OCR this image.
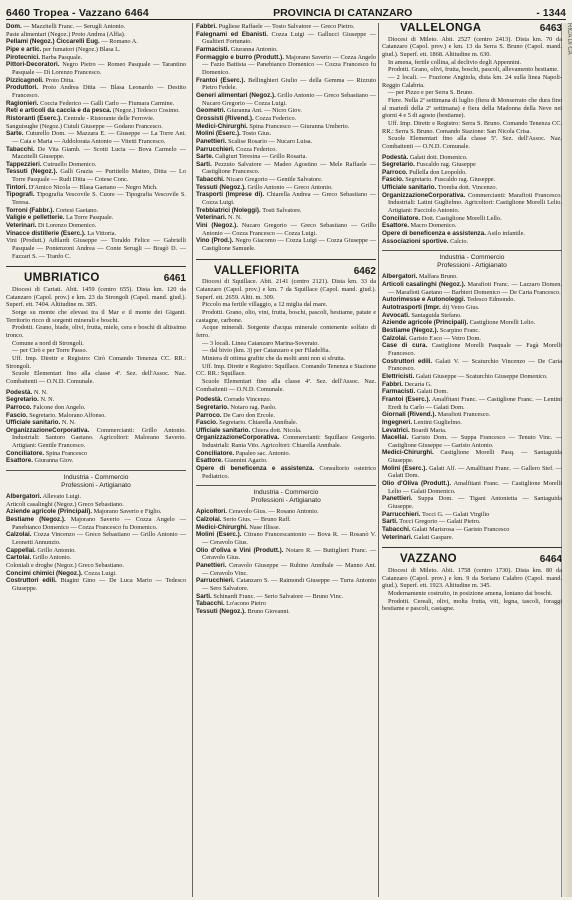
6460 Tropea - Vazzano 6464	PROVINCIA DI CATANZARO	- 1344
RICA DI CA

Dom. — Mazzitelli Franc. — Serugli Antonio.

Paste alimentari (Negoz.) Proto Andrea (Alfia).

Pellami (Negoz.) Ciccarelli Eug. — Romano A.

Pipe e artic. per fumatori (Negoz.) Blasa L.

Pirotecnici. Barba Pasquale.

Pittori-Decoratori. Negro Pietro — Romeo Pasquale — Tarantino Pasquale — Dì Lorenzo Francesco.

Pizzicagnoli. Proto Ditta.

Produttori. Proto Andrea Ditta — Blasa Leonardo — Destito Francesco.

Ragionieri. Coccia Federico — Galli Carlo — Fiumara Carmine.

Reti e articoli da caccia e da pesca. (Negoz.) Tedesco Cosimo.

Ristoranti (Eserc.). Centrale - Ristorante delle Ferrovie.

Sanguisughe (Negoz.) Cutuli Giuseppe — Godano Francesco.

Sarte. Cuturello Dom. — Mazzara E. — Giuseppe — La Torre Ant. — Caia e Maria — Addolorata Antonio — Vitetti Francesco.

Tabacchi. De Vita Giamb. — Scotti Lucia — Bova Carmelo — Mazzitelli Giuseppe.

Tappezzieri. Cutruello Domenico.

Tessuti (Negoz.). Galli Grazia — Puritiello Matteo, Ditta — Lo Torre Pasquale — Rudi Ditta — Cotese Conc.

Tintori. D'Amico Nicola — Blasa Gaetano — Negro Mich.

Tipografi. Tipografia Vescovile S. Cuore — Tipografia Vescovile S. Teresa.

Torroni (Fabbr.). Cortesi Gaetano.

Valigie e pelletterie. La Torre Pasquale.

Veterinari. Di Lorenzo Domenico.

Vinacce distillerie (Eserc.). La Vittoria.

Vini (Produtt.) Adilardi Giuseppe — Toraldo Felice — Gabrielli Pasquale — Pontenzoni Andrea — Conte Serugli — Bragò D. — Fazzari S. — Tranfo C.

UMBRIATICO	6461

Diocesi di Cariati. Abit. 1459 (centro 655). Dista km. 120 da Catanzaro (Capol. prov.) e km. 23 da Strongoli (Capol. mand. giud.). Superf. ett. 7404. Altitudine m. 385.

Sorge su monte che elevasi tra il Mar e il monte dei Giganti. Territorio ricco di sorgenti minerali e boschi.

Prodotti. Grano, biade, olivi, frutta, miele, cera e boschi di altissimo tronco.

Comune a nord di Strongoli.

— per Cirò e per Torre Passo.

Uff. Imp. Direttr e Registro: Cirò Comando Tenenza CC. RR.: Strongoli.

Scuole Elementari fino alla classe 4ª. Sez. dell'Assoc. Naz. Combattenti — O.N.D. Comunale.

Podestà. N. N.

Segretario. N. N.

Parroco. Falcone don Angelo.

Fascio. Segretario. Malorano Alfonso.

Ufficiale sanitario. N. N.

OrganizzazioneCorporativa. Commercianti: Grillo Antonio. Industriali: Santoro Gaetano. Agricoltori: Malorano Saverio. Artigiani: Gentile Francesco.

Conciliatore. Spina Francesco

Esattore. Giuranna Giov.

Industria - Commercio
Professioni - Artigianato

Albergatori. Allevato Luigi.

Articoli casalinghi (Negoz.) Greco Sebastiano.

Aziende agricole (Principali). Majorano Saverio e Figlio.

Bestiame (Negoz.). Majorano Saverio — Cozza Angelo — Panebianco Domenico — Cozza Francesco fu Domenico.

Calzolai. Cozza Vincenzo — Greco Sebastiano — Grillo Antonio — Leonetti Annunzio.

Cappellai. Grillo Antonio.

Cartolai. Grillo Antonio.

Coloniali e droghe (Negoz.) Greco Sebastiano.

Concimi chimici (Negoz.). Cozza Luigi.

Costruttori edili. Biagini Gino — De Luca Mario — Tedesco Giuseppe.

Fabbri. Pugliese Raffaele — Tosto Salvatore — Greco Pietro.

Falegnami ed Ebanisti. Cozza Luigi — Gallucci Giuseppe — Gualtieri Fortunato.

Farmacisti. Giuranna Antonio.

Formaggio e burro (Produtt.). Majorano Saverio — Cozza Angelo — Fazio Battista — Panebianco Domenico — Cozza Francesco fu Domenico.

Frantoi (Eserc.). Bellinghieri Giulio — della Gemma — Rizzuto Pietro Fedele.

Generi alimentari (Negoz.). Grillo Antonio — Greco Sebastiano — Nucaro Gregorio — Cozza Luigi.

Geometri. Giuranna Ant. — Nicro Giov.

Grossisti (Rivend.). Cozza Federico.

Medici-Chirurghi. Spina Francesco — Giuranna Umberto.

Molini (Eserc.). Tosto Gius.

Panettieri. Scalise Rosario — Nucaro Luisa.

Parrucchieri. Cozza Federico.

Sarte. Caligiuri Teresina — Grillo Rosaria.

Sarti. Pezzuto Salvatore — Madeo Agostino — Mele Raffaele — Castiglione Francesco.

Tabacchi. Nicaro Gregorio — Gentile Salvatore.

Tessuti (Negoz.). Grillo Antonio — Greco Antonio.

Trasporti (Imprese di). Chiarella Andrea — Greco Sebastiano — Cozza Luigi.

Trebbiatrici (Noleggi). Tosti Salvatore.

Veterinari. N. N.

Vini (Negoz.). Nucaro Gregorio — Greco Sebastiano — Grillo Antonio — Cozza Francesco — Cozza Luigi.

Vino (Prod.). Negro Giacomo — Cozza Luigi — Cozza Giuseppe — Castiglione Samuele.

VALLEFIORITA	6462

Diocesi di Squillace. Abit. 2141 (centro 2121). Dista km. 33 da Catanzaro (Capol. prov.) e km. 7 da Squillace (Capol. mand. giud.). Superf. ett. 2659. Altit. m. 309.

Piccolo ma fertile villaggio, a 12 miglia dal mare.

Prodotti. Grano, olio, vini, frutta, boschi, pascoli, bestiame, patate e castagne, carbone.

Acque minerali. Sorgente d'acqua minerale contenente solfato di ferro.

— 3 locali. Linea Catanzaro Marina-Soverato.

— dal bivio (km. 3) per Catanzaro e per Filadelfia.

Miniera di ottima grafite che da molti anni non si sfrutta.

Uff. Imp. Direttr e Registro: Squillace. Comando Tenenza e Stazione CC. RR.: Squillace.

Scuole Elementari fino alla classe 4ª. Sez. dell'Assoc. Naz. Combattenti — O.N.D. Comunale.

Podestà. Corrado Vincenzo.

Segretario. Notaro rag. Paolo.

Parroco. De Caro don Ercole.

Fascio. Segretario. Chiarella Annibale.

Ufficiale sanitario. Chiera dott. Nicola.

OrganizzazioneCorporativa. Commercianti: Squillace Gregorio. Industriali: Rania Vito. Agricoltori: Chiarella Annibale.

Conciliatore. Papaleo sac. Antonio.

Esattore. Giannini Agazio.

Opere di beneficenza e assistenza. Consultorio ostetrico Pediatrico.

Industria - Commercio
Professioni - Artigianato

Apicoltori. Ceravolo Gius. — Rosano Antonio.

Calzolai. Serio Gius. — Bruno Raff.

Medici-Chirurghi. Nase Illisse.

Molini (Eserc.). Citrano Francescantonio — Bova R. — Rosanò V. — Ceravolo Gius.

Olio d'oliva e Vini (Produtt.). Notaro R. — Buttiglieri Franc. — Ceravolo Gius.

Panettieri. Ceravolo Giuseppe — Rubino Annibale — Manno Ant. — Ceravolo Vinc.

Parrucchieri. Catanzaro S. — Raimondi Giuseppe — Turra Antonio — Sero Salvatore.

Sarti. Schinardi Franc. — Serio Salvatore — Bruno Vinc.

Tabacchi. Lo'acono Pietro

Tessuti (Negoz.). Bruno Giovanni.

VALLELONGA	6463

Diocesi di Mileto. Abit. 2527 (centro 2413). Dista km. 70 da Catanzaro (Capol. prov.) e km. 13 da Serra S. Bruno (Capol. mand. giud.). Superf. ett. 1868. Altitudine m. 630.

In amena, fertile collina, al declivio degli Appennini.

Prodotti. Grano, olivi, frutta, boschi, pascoli, allevamento bestiame.

— 2 locali. — Frazione Angitola, dista km. 24 sulla linea Napoli-Reggio Calabria.

— per Pizzo e per Serra S. Bruno.

Fiere. Nella 2ª settimana di luglio (fiera di Monserrato che dura fino al martedì della 2ª settimana) e fiera della Madonna della Neve nei giorni 4 e 5 di agosto (bestiame).

Uff. Imp. Direttr e Registro: Serra S. Bruno. Comando Tenenza CC. RR.: Serra S. Bruno. Comando Stazione: San Nicola Crisa.

Scuole Elementari fino alla classe 5ª. Sez. dell'Assoc. Naz. Combattenti — O.N.D. Comunale.

Podestà. Galati dott. Domenico.

Segretario. Fuscaldo rag. Giuseppe

Parroco. Pullella don Leopoldo.

Fascio. Segretario. Fuscaldo rag. Giuseppe.

Ufficiale sanitario. Tromba dott. Vincenzo.

OrganizzazioneCorporativa. Commercianti: Marafioti Francesco. Industriali: Latini Guglielmo. Agricoltori: Castiglione Morelli Lelio. Artigiani: Facciolo Antonio.

Conciliatore. Dott. Castiglione Morelli Lello.

Esattore. Macro Domenico.

Opere di beneficenza e assistenza. Asilo infantile.

Associazioni sportive. Calcio.

Industria - Commercio
Professioni - Artigianato

Albergatori. Malfara Bruno.

Articoli casalinghi (Negoz.). Marafioti Franc. — Lazzaro Domen. — Marafioti Gaetano — Barbieri Domenico — De Caria Francesco.

Autorimesse e Autonoleggi. Tedesco Edmondo.

Autotrasporti (Impr. di) Vetro Gius.

Avvocati. Santaguida Stefano.

Aziende agricole (Principali). Castiglione Morelli Lelio.

Bestiame (Negoz.). Scarpino Franc.

Calzolai. Garisto F.sco — Vetro Dom.

Case di cura. Castiglione Morelli Pasquale — Fagà Morelli Francesco.

Costruttori edili. Galati V. — Scaturchio Vincenzo — De Caria Francesco.

Elettricisti. Galati Giuseppe — Scaturchio Giuseppe Domenico.

Fabbri. Decaria G.

Farmacisti. Galati Dom.

Frantoi (Eserc.). Amalfitani Franc. — Castiglione Franc. — Lentini Eredi fu Carlo — Galati Dom.

Giornali (Rivend.). Marafioti Francesco.

Ingegneri. Lentini Guglielmo.

Levatrici. Boardi Maria.

Macellai. Garisto Dom. — Suppa Francesco — Tenuto Vinc. — Castiglione Giuseppe — Garisto Antonio.

Medici-Chirurghi. Castiglione Morelli Pasq. — Santaguida Giuseppe.

Molini (Eserc.). Galati Alf. — Amalfitani Franc. — Gallero Stef. — Galati Dom.

Olio d'Oliva (Produtt.). Amalfitani Franc. — Castiglione Morelli Lelio — Galati Domenico.

Panettieri. Suppa Dom. — Tigani Antonietta — Santaguida Giuseppe.

Parrucchieri. Tocci G. — Galati Virgilio

Sarti. Tocci Gregorio — Galati Pietro.

Tabacchi. Galati Marisrosa — Garisto Francesco

Veterinari. Galati Gaspare.

VAZZANO	6464

Diocesi di Mileto. Abit. 1758 (centro 1730). Dista km. 80 da Catanzaro (Capol. prov.) e km. 9 da Soriano Calabro (Capol. mand. giud.). Superf. ett. 1923. Altitudine m. 345.

Modernamente costruito, in posizione amena, lontano dai boschi.

Prodotti. Cereali, olivi, molta frutta, viti, legna, tascoli, foraggi bestiame e pascoli, castagne.
